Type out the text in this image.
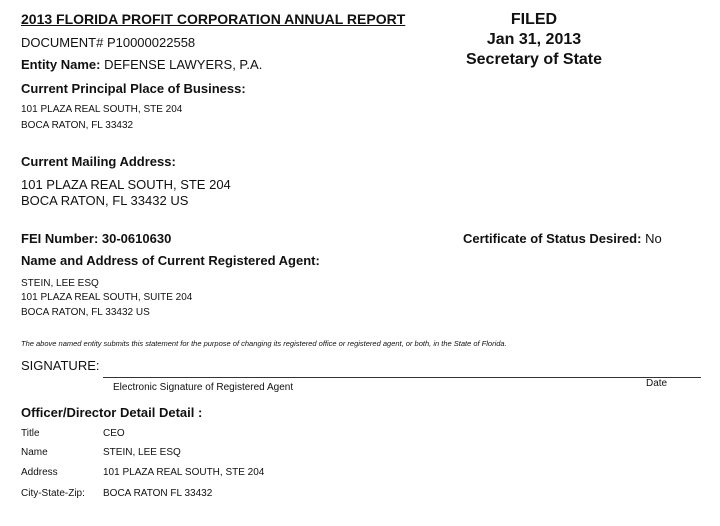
2013 FLORIDA PROFIT CORPORATION ANNUAL REPORT
DOCUMENT# P10000022558
Entity Name: DEFENSE LAWYERS, P.A.
FILED
Jan 31, 2013
Secretary of State
Current Principal Place of Business:
101 PLAZA REAL SOUTH, STE 204
BOCA RATON, FL 33432
Current Mailing Address:
101 PLAZA REAL SOUTH, STE 204
BOCA RATON, FL 33432 US
FEI Number: 30-0610630	Certificate of Status Desired: No
Name and Address of Current Registered Agent:
STEIN, LEE ESQ
101 PLAZA REAL SOUTH, SUITE 204
BOCA RATON, FL 33432 US
The above named entity submits this statement for the purpose of changing its registered office or registered agent, or both, in the State of Florida.
SIGNATURE:
Electronic Signature of Registered Agent	Date
Officer/Director Detail Detail :
Title	CEO
Name	STEIN, LEE ESQ
Address	101 PLAZA REAL SOUTH, STE 204
City-State-Zip: BOCA RATON FL 33432
